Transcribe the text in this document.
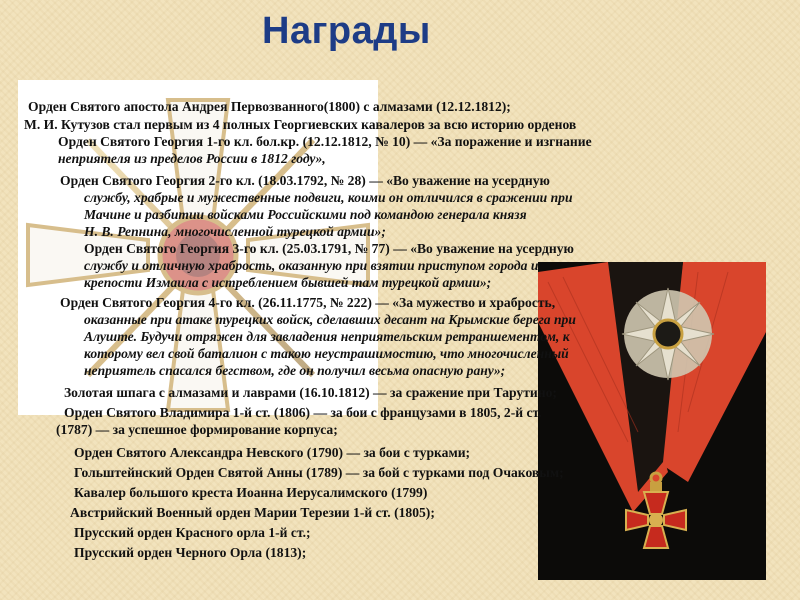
Награды
Орден Святого апостола Андрея Первозванного(1800) с алмазами (12.12.1812);
М. И. Кутузов стал первым из 4 полных Георгиевских кавалеров за всю историю орденов
Орден Святого Георгия 1-го кл. бол.кр. (12.12.1812, № 10) — «За поражение и изгнание
неприятеля из пределов России в 1812 году»,
Орден Святого Георгия 2-го кл. (18.03.1792, № 28) — «Во уважение на усердную
службу, храбрые и мужественные подвиги, коими он отличился в сражении при
Мачине и разбитии войсками Российскими под командою генерала князя
Н. В. Репнина, многочисленной турецкой армии»;
Орден Святого Георгия 3-го кл. (25.03.1791, № 77) — «Во уважение на усердную
службу и отличную храбрость, оказанную при взятии приступом города и
крепости Измаила с истреблением бывшей там турецкой армии»;
Орден Святого Георгия 4-го кл. (26.11.1775, № 222) — «За мужество и храбрость,
оказанные при атаке турецких войск, сделавших десант на Крымские берега при
Алуште. Будучи отряжен для завладения неприятельским ретраншементом, к
которому вел свой баталион с такою неустрашимостию, что многочисленный
неприятель спасался бегством, где он получил весьма опасную рану»;
Золотая шпага с алмазами и лаврами (16.10.1812) — за сражение при Тарутино;
Орден Святого Владимира 1-й ст. (1806) — за бои с французами в 1805, 2-й ст.
(1787) — за успешное формирование корпуса;
Орден Святого Александра Невского (1790) — за бои с турками;
Гольштейнский Орден Святой Анны (1789) — за бой с турками под Очаковым;
Кавалер большого креста Иоанна Иерусалимского (1799)
Австрийский Военный орден Марии Терезии 1-й ст. (1805);
Прусский орден Красного орла 1-й ст.;
Прусский орден Черного Орла (1813);
